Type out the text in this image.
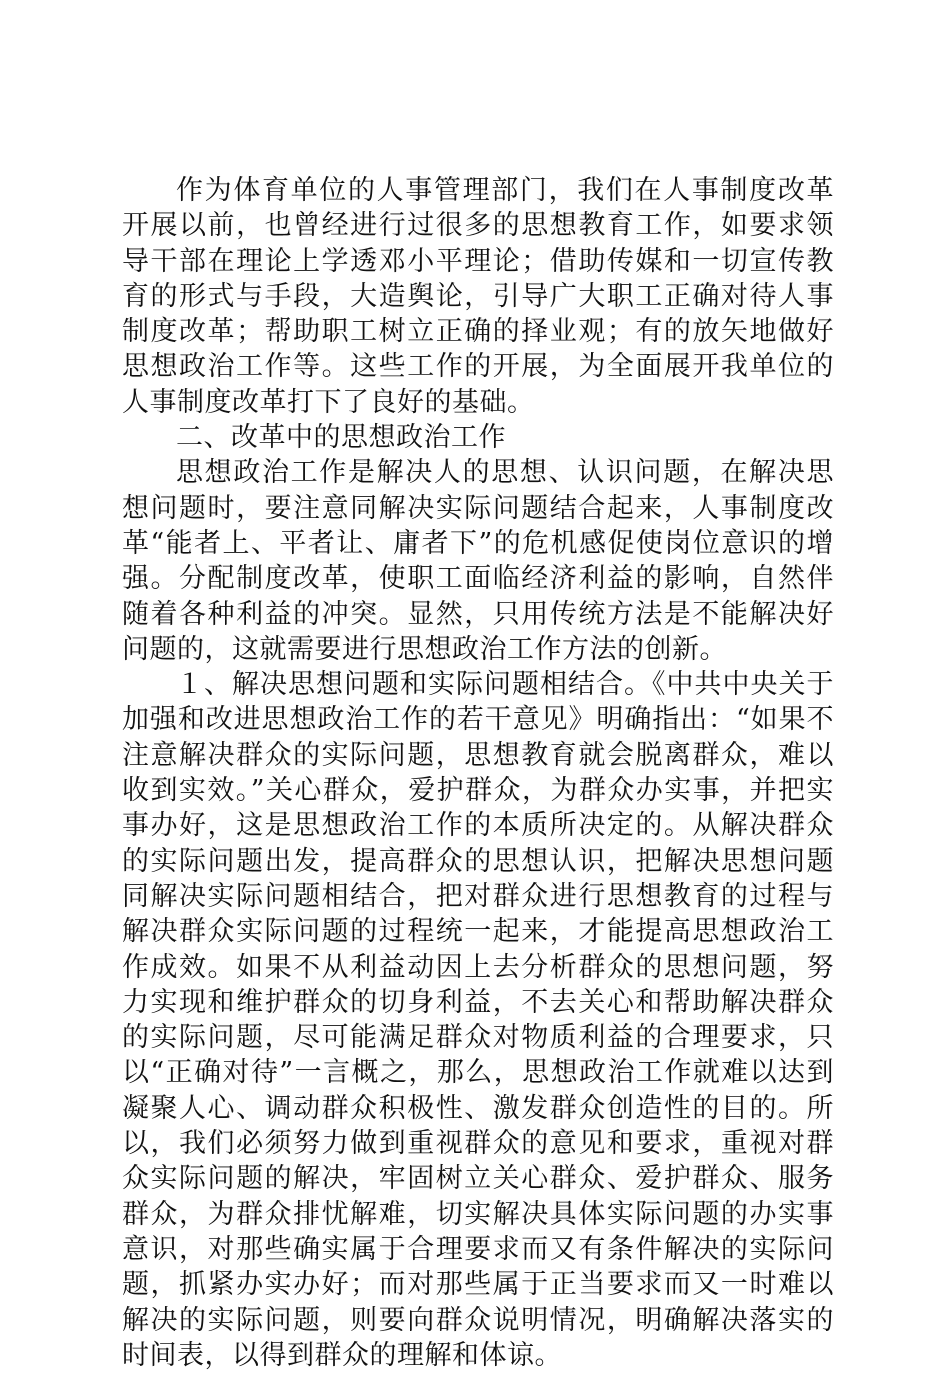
作为体育单位的人事管理部门，我们在人事制度改革开展以前，也曾经进行过很多的思想教育工作，如要求领导干部在理论上学透邓小平理论；借助传媒和一切宣传教育的形式与手段，大造舆论，引导广大职工正确对待人事制度改革；帮助职工树立正确的择业观；有的放矢地做好思想政治工作等。这些工作的开展，为全面展开我单位的人事制度改革打下了良好的基础。

二、改革中的思想政治工作

思想政治工作是解决人的思想、认识问题，在解决思想问题时，要注意同解决实际问题结合起来，人事制度改革“能者上、平者让、庸者下”的危机感促使岗位意识的增强。分配制度改革，使职工面临经济利益的影响，自然伴随着各种利益的冲突。显然，只用传统方法是不能解决好问题的，这就需要进行思想政治工作方法的创新。

１、解决思想问题和实际问题相结合。《中共中央关于加强和改进思想政治工作的若干意见》明确指出：“如果不注意解决群众的实际问题，思想教育就会脱离群众，难以收到实效。”关心群众，爱护群众，为群众办实事，并把实事办好，这是思想政治工作的本质所决定的。从解决群众的实际问题出发，提高群众的思想认识，把解决思想问题同解决实际问题相结合，把对群众进行思想教育的过程与解决群众实际问题的过程统一起来，才能提高思想政治工作成效。如果不从利益动因上去分析群众的思想问题，努力实现和维护群众的切身利益，不去关心和帮助解决群众的实际问题，尽可能满足群众对物质利益的合理要求，只以“正确对待”一言概之，那么，思想政治工作就难以达到凝聚人心、调动群众积极性、激发群众创造性的目的。所以，我们必须努力做到重视群众的意见和要求，重视对群众实际问题的解决，牢固树立关心群众、爱护群众、服务群众，为群众排忧解难，切实解决具体实际问题的办实事意识，对那些确实属于合理要求而又有条件解决的实际问题，抓紧办实办好；而对那些属于正当要求而又一时难以解决的实际问题，则要向群众说明情况，明确解决落实的时间表，以得到群众的理解和体谅。
